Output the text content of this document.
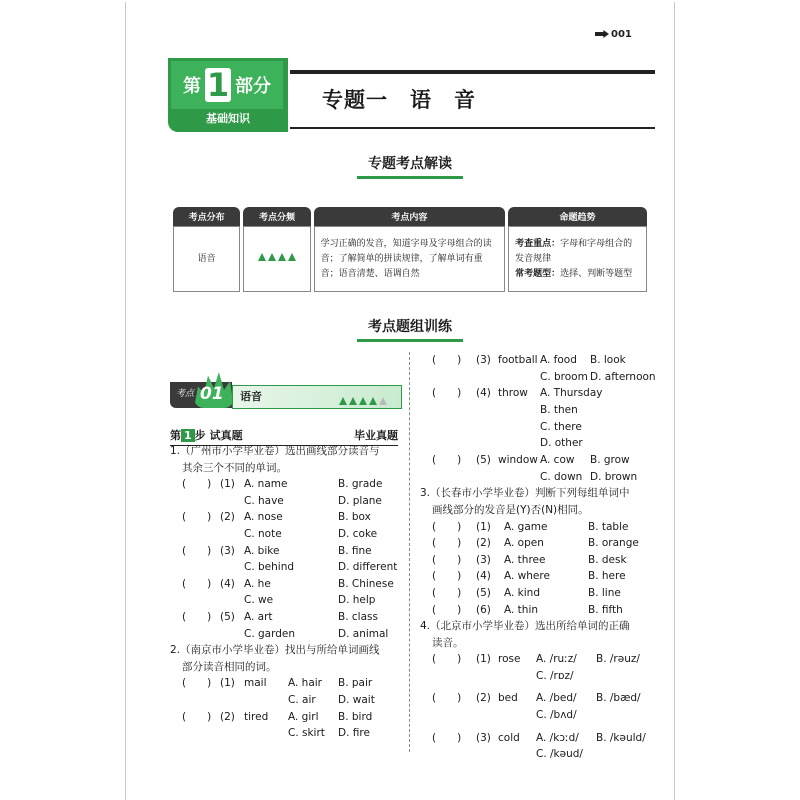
001
第 1 部分
基础知识
专题一　语　音
专题考点解读
考点分布	考点分频	考点内容	命题趋势
语音		学习正确的发音，知道字母及字母组合的读音；了解简单的拼读规律，了解单词有重音；语音清楚、语调自然	考查重点：字母和字母组合的发音规律
常考题型：选择、判断等题型
考点题组训练
考点 01 语音
第 1 步 试真题	毕业真题
1.（广州市小学毕业卷）选出画线部分读音与
其余三个不同的单词。
(　　) (1) A. name	B. grade
C. have	D. plane
(　　) (2) A. nose	B. box
C. note	D. coke
(　　) (3) A. bike	B. fine
C. behind	D. different
(　　) (4) A. he	B. Chinese
C. we	D. help
(　　) (5) A. art	B. class
C. garden	D. animal
2.（南京市小学毕业卷）找出与所给单词画线
部分读音相同的词。
(　　) (1) mail A. hair B. pair
C. air D. wait
(　　) (2) tired A. girl B. bird
C. skirt D. fire
(　　) (3) football A. food B. look
C. broom D. afternoon
(　　) (4) throw A. Thursday
B. then
C. there
D. other
(　　) (5) window A. cow B. grow
C. down D. brown
3.（长春市小学毕业卷）判断下列每组单词中
画线部分的发音是(Y)否(N)相同。
(　　) (1) A. game	B. table
(　　) (2) A. open	B. orange
(　　) (3) A. three	B. desk
(　　) (4) A. where	B. here
(　　) (5) A. kind	B. line
(　　) (6) A. thin	B. fifth
4.（北京市小学毕业卷）选出所给单词的正确
读音。
(　　) (1) rose A. /ruːz/ B. /rəuz/
C. /rɒz/
(　　) (2) bed A. /bed/ B. /bæd/
C. /bʌd/
(　　) (3) cold A. /kɔːd/ B. /kəuld/
C. /kəud/
